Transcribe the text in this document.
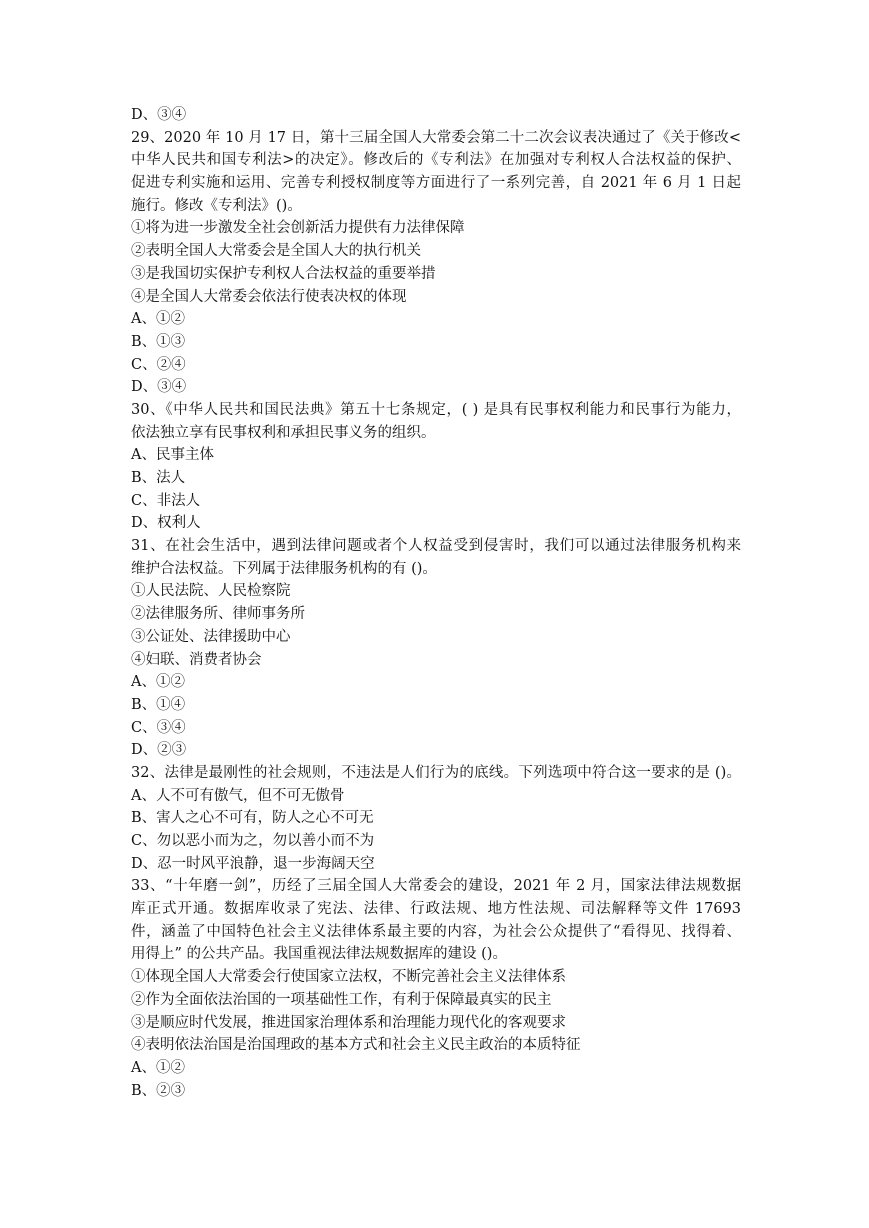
D、③④
29、2020 年 10 月 17 日，第十三届全国人大常委会第二十二次会议表决通过了《关于修改<
中华人民共和国专利法>的决定》。修改后的《专利法》在加强对专利权人合法权益的保护、
促进专利实施和运用、完善专利授权制度等方面进行了一系列完善，自 2021 年 6 月 1 日起
施行。修改《专利法》()。
①将为进一步激发全社会创新活力提供有力法律保障
②表明全国人大常委会是全国人大的执行机关
③是我国切实保护专利权人合法权益的重要举措
④是全国人大常委会依法行使表决权的体现
A、①②
B、①③
C、②④
D、③④
30、《中华人民共和国民法典》第五十七条规定，( ) 是具有民事权利能力和民事行为能力，
依法独立享有民事权利和承担民事义务的组织。
A、民事主体
B、法人
C、非法人
D、权利人
31、在社会生活中，遇到法律问题或者个人权益受到侵害时，我们可以通过法律服务机构来
维护合法权益。下列属于法律服务机构的有 ()。
①人民法院、人民检察院
②法律服务所、律师事务所
③公证处、法律援助中心
④妇联、消费者协会
A、①②
B、①④
C、③④
D、②③
32、法律是最刚性的社会规则，不违法是人们行为的底线。下列选项中符合这一要求的是 ()。
A、人不可有傲气，但不可无傲骨
B、害人之心不可有，防人之心不可无
C、勿以恶小而为之，勿以善小而不为
D、忍一时风平浪静，退一步海阔天空
33、“十年磨一剑”，历经了三届全国人大常委会的建设，2021 年 2 月，国家法律法规数据
库正式开通。数据库收录了宪法、法律、行政法规、地方性法规、司法解释等文件 17693
件，涵盖了中国特色社会主义法律体系最主要的内容，为社会公众提供了“看得见、找得着、
用得上” 的公共产品。我国重视法律法规数据库的建设 ()。
①体现全国人大常委会行使国家立法权，不断完善社会主义法律体系
②作为全面依法治国的一项基础性工作，有利于保障最真实的民主
③是顺应时代发展，推进国家治理体系和治理能力现代化的客观要求
④表明依法治国是治国理政的基本方式和社会主义民主政治的本质特征
A、①②
B、②③
